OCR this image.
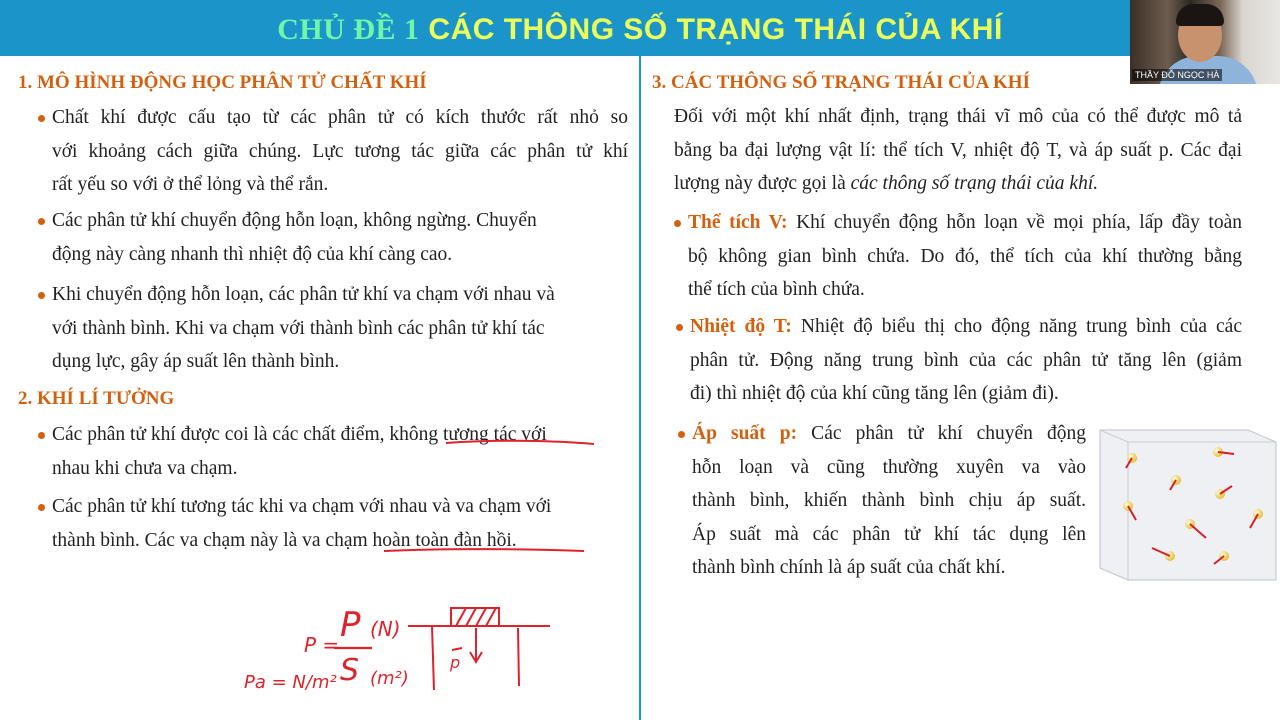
CHỦ ĐỀ 1 CÁC THÔNG SỐ TRẠNG THÁI CỦA KHÍ
THẦY ĐỖ NGỌC HÀ
1. MÔ HÌNH ĐỘNG HỌC PHÂN TỬ CHẤT KHÍ
Chất khí được cấu tạo từ các phân tử có kích thước rất nhỏ so
với khoảng cách giữa chúng. Lực tương tác giữa các phân tử khí
rất yếu so với ở thể lỏng và thể rắn.
Các phân tử khí chuyển động hỗn loạn, không ngừng. Chuyển
động này càng nhanh thì nhiệt độ của khí càng cao.
Khi chuyển động hỗn loạn, các phân tử khí va chạm với nhau và
với thành bình. Khi va chạm với thành bình các phân tử khí tác
dụng lực, gây áp suất lên thành bình.
2. KHÍ LÍ TƯỞNG
Các phân tử khí được coi là các chất điểm, không tương tác với
nhau khi chưa va chạm.
Các phân tử khí tương tác khi va chạm với nhau và va chạm với
thành bình. Các va chạm này là va chạm hoàn toàn đàn hồi.
3. CÁC THÔNG SỐ TRẠNG THÁI CỦA KHÍ
Đối với một khí nhất định, trạng thái vĩ mô của có thể được mô tả
bằng ba đại lượng vật lí: thể tích V, nhiệt độ T, và áp suất p. Các đại
lượng này được gọi là các thông số trạng thái của khí.
Thể tích V: Khí chuyển động hỗn loạn về mọi phía, lấp đầy toàn
bộ không gian bình chứa. Do đó, thể tích của khí thường bằng
thể tích của bình chứa.
Nhiệt độ T: Nhiệt độ biểu thị cho động năng trung bình của các
phân tử. Động năng trung bình của các phân tử tăng lên (giảm
đi) thì nhiệt độ của khí cũng tăng lên (giảm đi).
Áp suất p: Các phân tử khí chuyển động
hỗn loạn và cũng thường xuyên va vào
thành bình, khiến thành bình chịu áp suất.
Áp suất mà các phân tử khí tác dụng lên
thành bình chính là áp suất của chất khí.
P = P (N)
S (m²)
Pa = N/m²
p
